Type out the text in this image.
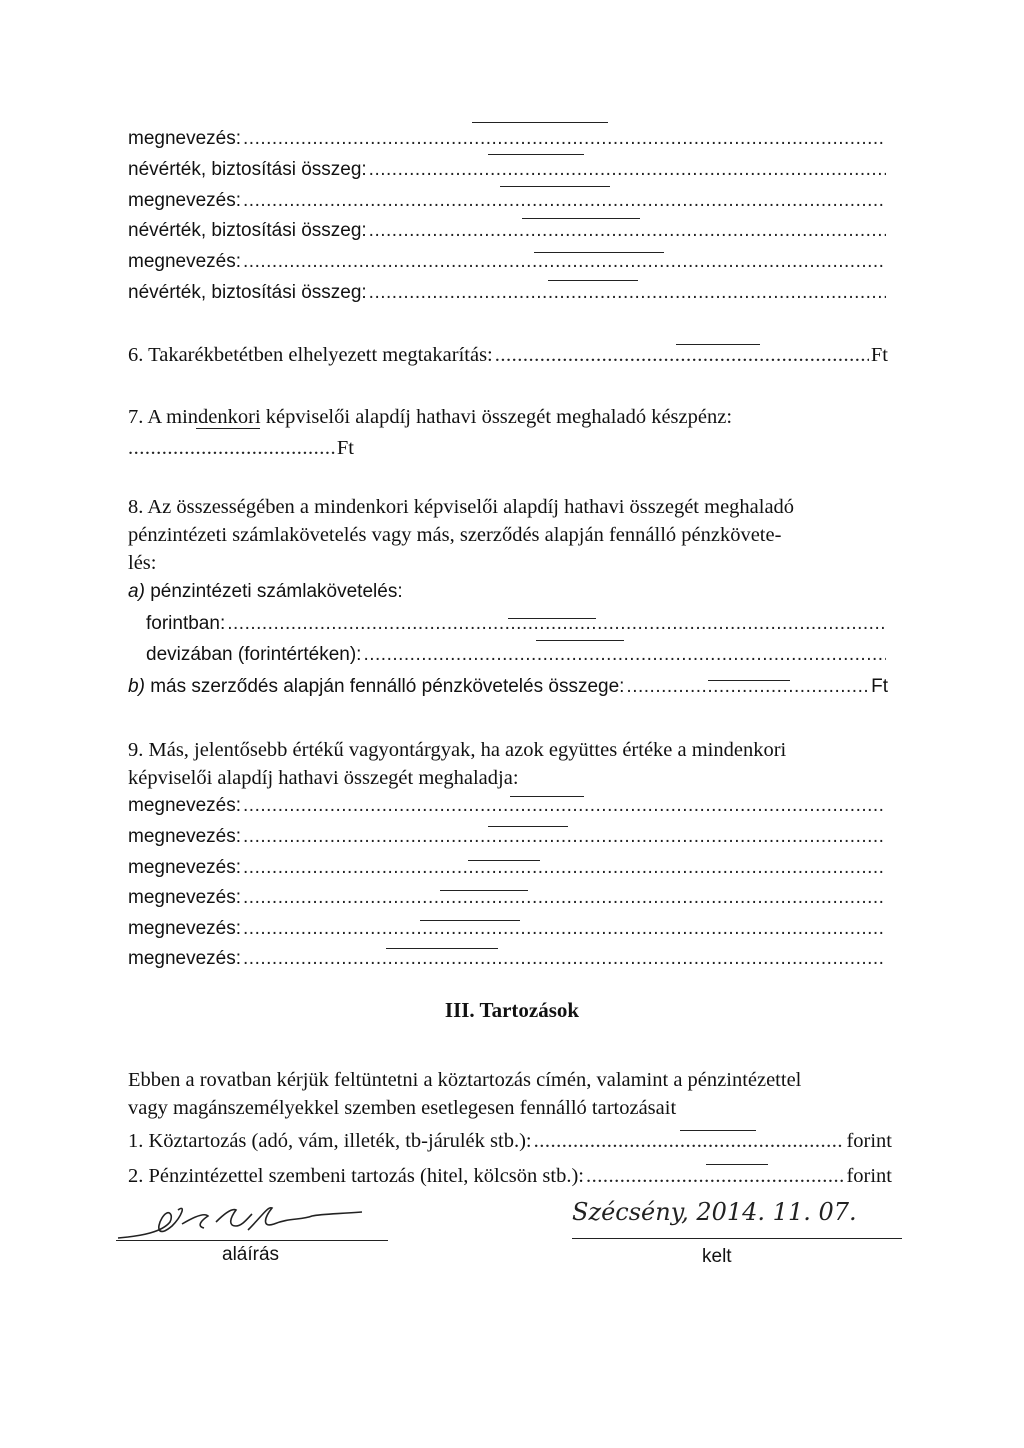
megnevezés:
.....
névérték, biztosítási összeg:
.....
megnevezés:
.....
névérték, biztosítási összeg:
.....
megnevezés:
.....
névérték, biztosítási összeg:
.....
6. Takarékbetétben elhelyezett megtakarítás: .....	Ft
7. A mindenkori képviselői alapdíj hathavi összegét meghaladó készpénz:
.....
Ft
8. Az összességében a mindenkori képviselői alapdíj hathavi összegét meghaladó
pénzintézeti számlakövetelés vagy más, szerződés alapján fennálló pénzkövete-
lés:
a)
pénzintézeti számlakövetelés:
forintban:
.....
devizában (forintértéken):
.....
b)
más szerződés alapján fennálló pénzkövetelés összege: .....	Ft
9. Más, jelentősebb értékű vagyontárgyak, ha azok együttes értéke a mindenkori
képviselői alapdíj hathavi összegét meghaladja:
megnevezés:
.....
megnevezés:
.....
megnevezés:
.....
megnevezés:
.....
megnevezés:
.....
megnevezés:
.....
III. Tartozások
Ebben a rovatban kérjük feltüntetni a köztartozás címén, valamint a pénzintézettel
vagy magánszemélyekkel szemben esetlegesen fennálló tartozásait
1. Köztartozás (adó, vám, illeték, tb-járulék stb.): .....	forint
2. Pénzintézettel szembeni tartozás (hitel, kölcsön stb.): .....	forint
aláírás
Szécsény, 2014. 11. 07.
kelt
